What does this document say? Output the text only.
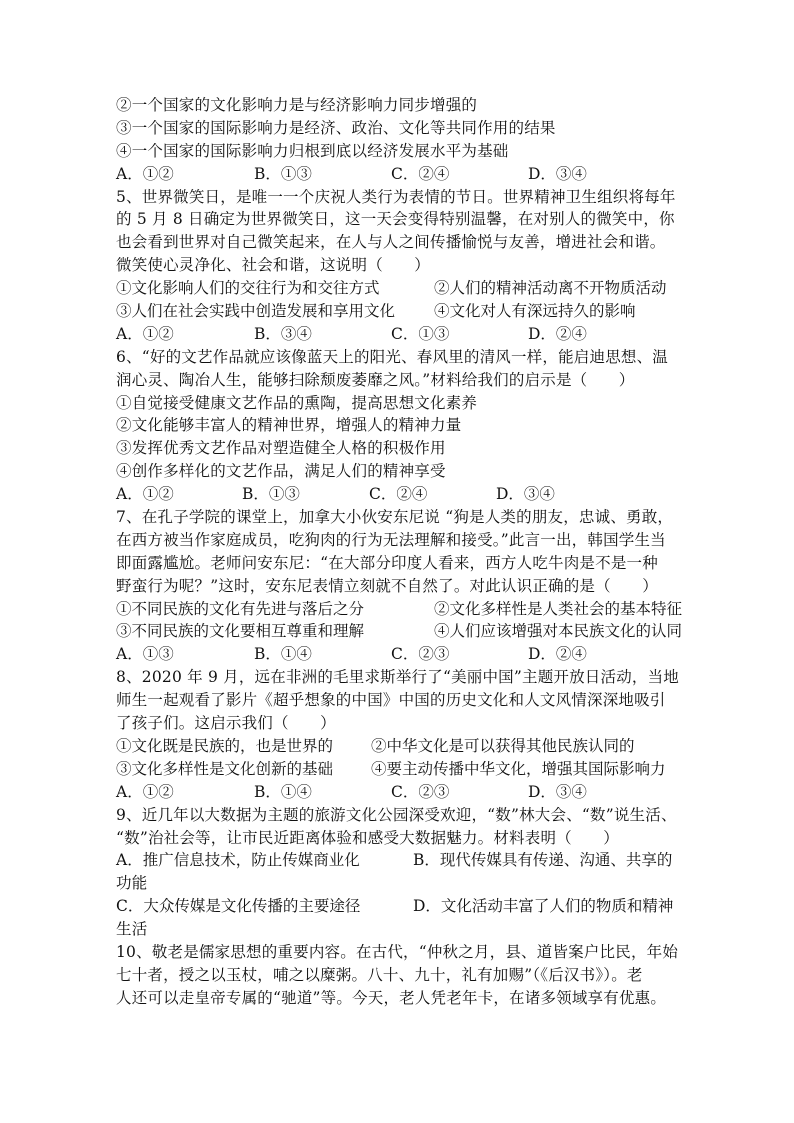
②一个国家的文化影响力是与经济影响力同步增强的
③一个国家的国际影响力是经济、政治、文化等共同作用的结果
④一个国家的国际影响力归根到底以经济发展水平为基础
A．①②	B．①③	C．②④	D．③④
5、世界微笑日，是唯一一个庆祝人类行为表情的节日。世界精神卫生组织将每年
的 5 月 8 日确定为世界微笑日，这一天会变得特别温馨，在对别人的微笑中，你
也会看到世界对自己微笑起来，在人与人之间传播愉悦与友善，增进社会和谐。
微笑使心灵净化、社会和谐，这说明（　　）
①文化影响人们的交往行为和交往方式	②人们的精神活动离不开物质活动
③人们在社会实践中创造发展和享用文化	④文化对人有深远持久的影响
A．①②	B．③④	C．①③	D．②④
6、“好的文艺作品就应该像蓝天上的阳光、春风里的清风一样，能启迪思想、温
润心灵、陶冶人生，能够扫除颓废萎靡之风。”材料给我们的启示是（　　）
①自觉接受健康文艺作品的熏陶，提高思想文化素养
②文化能够丰富人的精神世界，增强人的精神力量
③发挥优秀文艺作品对塑造健全人格的积极作用
④创作多样化的文艺作品，满足人们的精神享受
A．①②	B．①③	C．②④	D．③④
7、在孔子学院的课堂上，加拿大小伙安东尼说 “狗是人类的朋友，忠诚、勇敢，
在西方被当作家庭成员，吃狗肉的行为无法理解和接受。”此言一出，韩国学生当
即面露尴尬。老师问安东尼：“在大部分印度人看来，西方人吃牛肉是不是一种
野蛮行为呢？”这时，安东尼表情立刻就不自然了。对此认识正确的是（　　）
①不同民族的文化有先进与落后之分	②文化多样性是人类社会的基本特征
③不同民族的文化要相互尊重和理解	④人们应该增强对本民族文化的认同
A．①③	B．①④	C．②③	D．②④
8、2020 年 9 月，远在非洲的毛里求斯举行了“美丽中国”主题开放日活动，当地
师生一起观看了影片《超乎想象的中国》中国的历史文化和人文风情深深地吸引
了孩子们。这启示我们（　　）
①文化既是民族的，也是世界的	②中华文化是可以获得其他民族认同的
③文化多样性是文化创新的基础	④要主动传播中华文化，增强其国际影响力
A．①②	B．①④	C．②③	D．③④
9、近几年以大数据为主题的旅游文化公园深受欢迎，“数”林大会、“数”说生活、
“数”治社会等，让市民近距离体验和感受大数据魅力。材料表明（　　）
A．推广信息技术，防止传媒商业化	B．现代传媒具有传递、沟通、共享的
功能
C．大众传媒是文化传播的主要途径	D．文化活动丰富了人们的物质和精神
生活
10、敬老是儒家思想的重要内容。在古代，“仲秋之月，县、道皆案户比民，年始
七十者，授之以玉杖，哺之以糜粥。八十、九十，礼有加赐”（《后汉书》）。老
人还可以走皇帝专属的“驰道”等。今天，老人凭老年卡，在诸多领域享有优惠。
